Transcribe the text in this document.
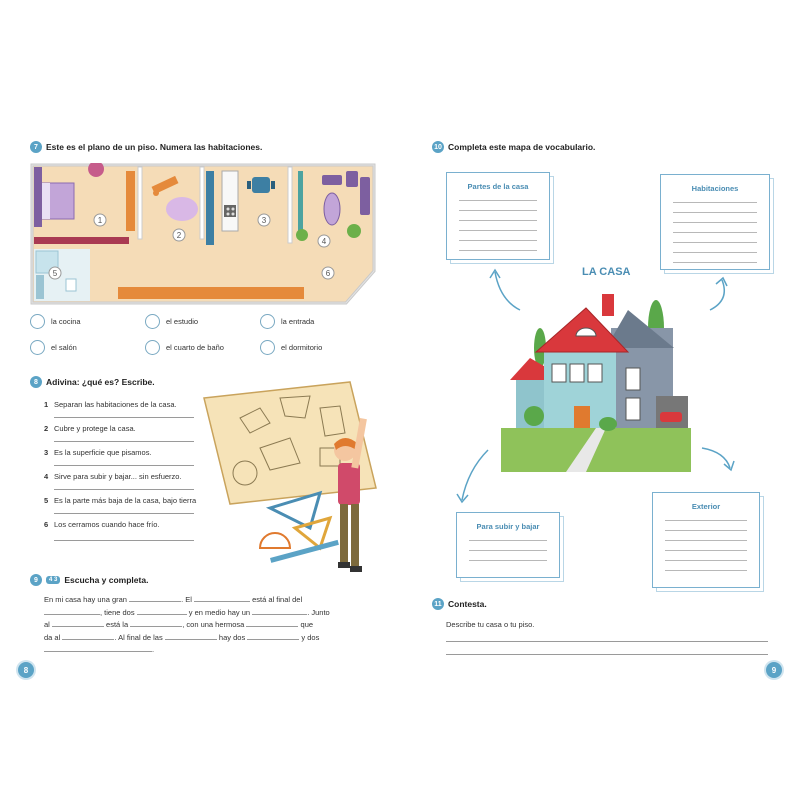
7 Este es el plano de un piso. Numera las habitaciones.
1
2
3
4
5	6
la cocina	el estudio	la entrada
el salón	el cuarto de baño	el dormitorio
8 Adivina: ¿qué es? Escribe.
1 Separan las habitaciones de la casa.
2 Cubre y protege la casa.
3 Es la superficie que pisamos.
4 Sirve para subir y bajar... sin esfuerzo.
5 Es la parte más baja de la casa, bajo tierra
6 Los cerramos cuando hace frío.
9	4 3 Escucha y completa.
En mi casa hay una gran	. El	está al final del
, tiene dos	y en medio hay un	. Junto
al	está la	, con una hermosa	que
da al	. Al final de las	hay dos	y dos
.
8
10 Completa este mapa de vocabulario.
Partes de la casa	Habitaciones
Para subir y bajar
Exterior
LA CASA
11 Contesta.
Describe tu casa o tu piso.
9
